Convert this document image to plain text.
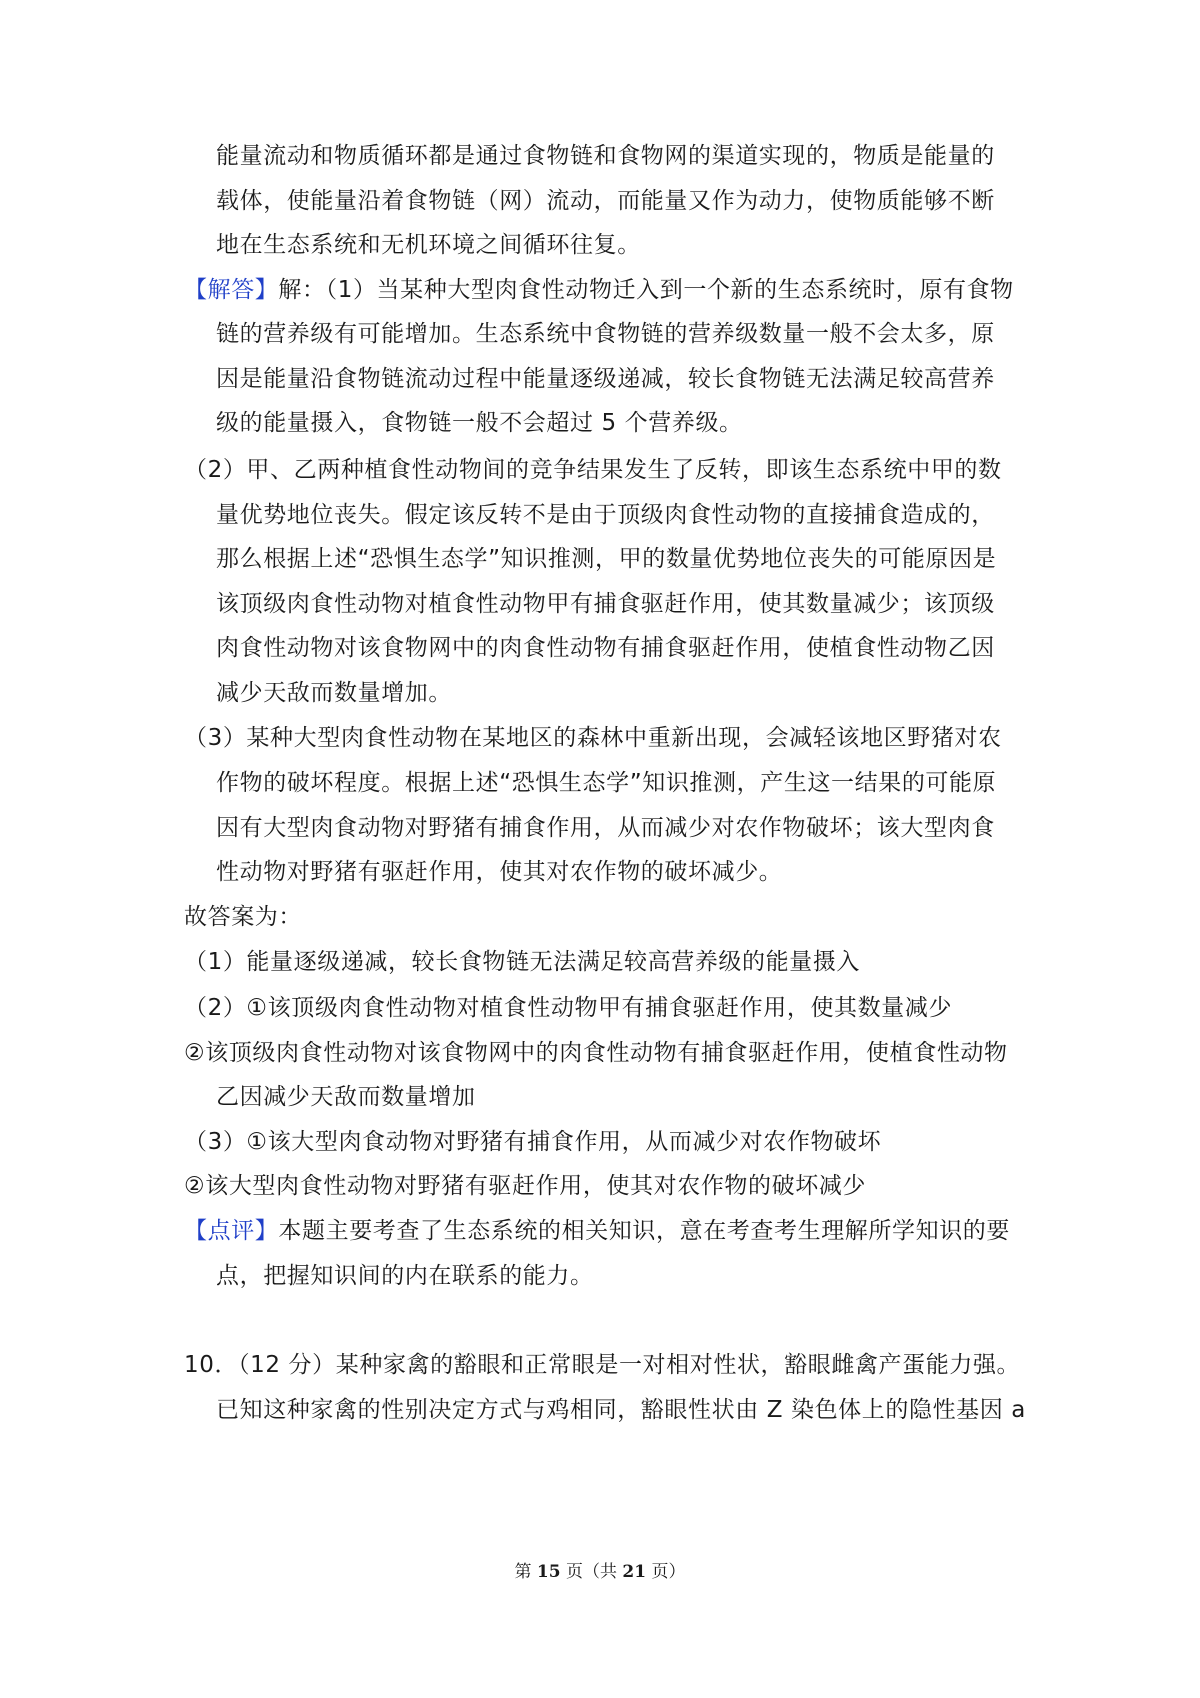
能量流动和物质循环都是通过食物链和食物网的渠道实现的，物质是能量的
载体，使能量沿着食物链（网）流动，而能量又作为动力，使物质能够不断
地在生态系统和无机环境之间循环往复。
【解答】解：（1）当某种大型肉食性动物迁入到一个新的生态系统时，原有食物
链的营养级有可能增加。生态系统中食物链的营养级数量一般不会太多，原
因是能量沿食物链流动过程中能量逐级递减，较长食物链无法满足较高营养
级的能量摄入，食物链一般不会超过 5 个营养级。
（2）甲、乙两种植食性动物间的竞争结果发生了反转，即该生态系统中甲的数
量优势地位丧失。假定该反转不是由于顶级肉食性动物的直接捕食造成的，
那么根据上述“恐惧生态学”知识推测，甲的数量优势地位丧失的可能原因是
该顶级肉食性动物对植食性动物甲有捕食驱赶作用，使其数量减少；该顶级
肉食性动物对该食物网中的肉食性动物有捕食驱赶作用，使植食性动物乙因
减少天敌而数量增加。
（3）某种大型肉食性动物在某地区的森林中重新出现，会减轻该地区野猪对农
作物的破坏程度。根据上述“恐惧生态学”知识推测，产生这一结果的可能原
因有大型肉食动物对野猪有捕食作用，从而减少对农作物破坏；该大型肉食
性动物对野猪有驱赶作用，使其对农作物的破坏减少。
故答案为：
（1）能量逐级递减，较长食物链无法满足较高营养级的能量摄入
（2）①该顶级肉食性动物对植食性动物甲有捕食驱赶作用，使其数量减少
②该顶级肉食性动物对该食物网中的肉食性动物有捕食驱赶作用，使植食性动物
乙因减少天敌而数量增加
（3）①该大型肉食动物对野猪有捕食作用，从而减少对农作物破坏
②该大型肉食性动物对野猪有驱赶作用，使其对农作物的破坏减少
【点评】本题主要考查了生态系统的相关知识，意在考查考生理解所学知识的要
点，把握知识间的内在联系的能力。
10．（12 分）某种家禽的豁眼和正常眼是一对相对性状，豁眼雌禽产蛋能力强。
已知这种家禽的性别决定方式与鸡相同，豁眼性状由 Z 染色体上的隐性基因 a
第 15 页（共 21 页）
